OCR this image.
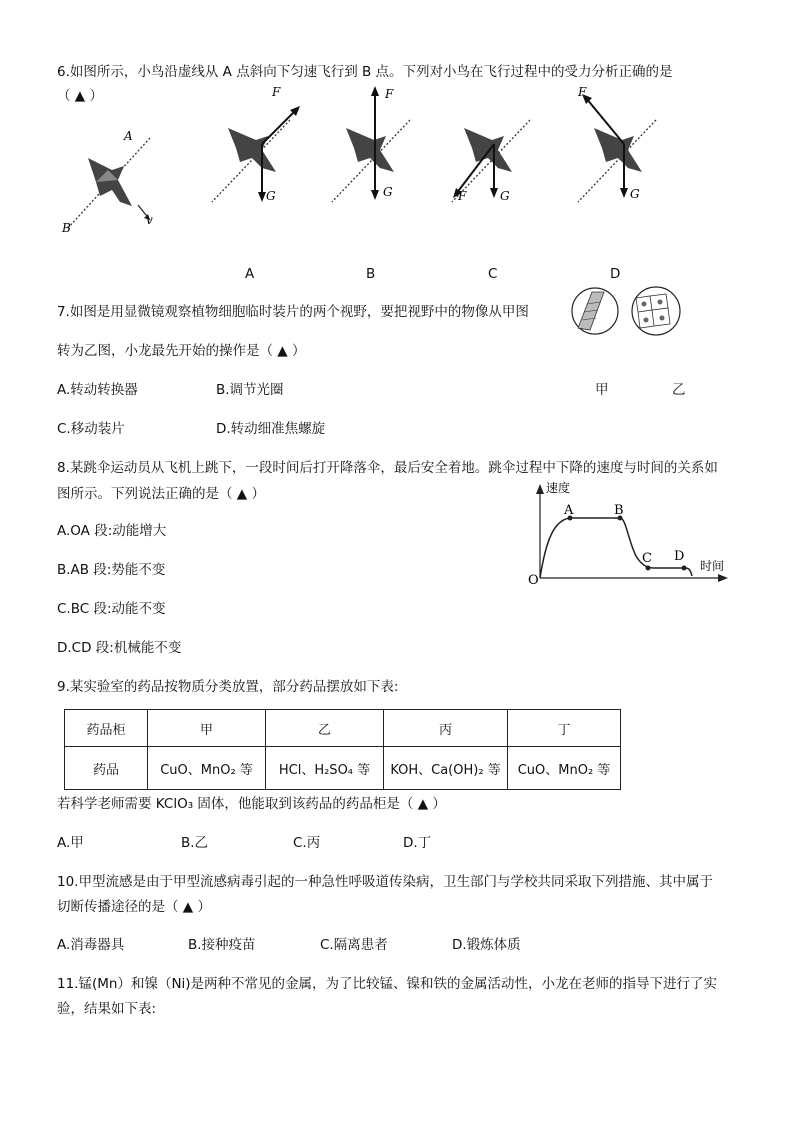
6.如图所示，小鸟沿虚线从 A 点斜向下匀速飞行到 B 点。下列对小鸟在飞行过程中的受力分析正确的是
（ ▲ ）
A
B
v
F
G
F
G	F	G
F
G
A	B	C	D
7.如图是用显微镜观察植物细胞临时装片的两个视野，要把视野中的物像从甲图
转为乙图，小龙最先开始的操作是（ ▲ ）
甲	乙
A.转动转换器	B.调节光圈
C.移动装片	D.转动细准焦螺旋
8.某跳伞运动员从飞机上跳下，一段时间后打开降落伞，最后安全着地。跳伞过程中下降的速度与时间的关系如
图所示。下列说法正确的是（ ▲ ）
A.OA 段:动能增大
B.AB 段:势能不变
C.BC 段:动能不变
D.CD 段:机械能不变
速度
时间
O
A	B
C D
9.某实验室的药品按物质分类放置，部分药品摆放如下表:
药品柜	甲	乙	丙	丁
药品	CuO、MnO₂ 等	HCl、H₂SO₄ 等	KOH、Ca(OH)₂ 等	CuO、MnO₂ 等
若科学老师需要 KClO₃ 固体，他能取到该药品的药品柜是（ ▲ ）
A.甲	B.乙	C.丙	D.丁
10.甲型流感是由于甲型流感病毒引起的一种急性呼吸道传染病，卫生部门与学校共同采取下列措施、其中属于
切断传播途径的是（ ▲ ）
A.消毒器具	B.接种疫苗	C.隔离患者	D.锻炼体质
11.锰(Mn）和镍（Ni)是两种不常见的金属，为了比较锰、镍和铁的金属活动性，小龙在老师的指导下进行了实
验，结果如下表:
